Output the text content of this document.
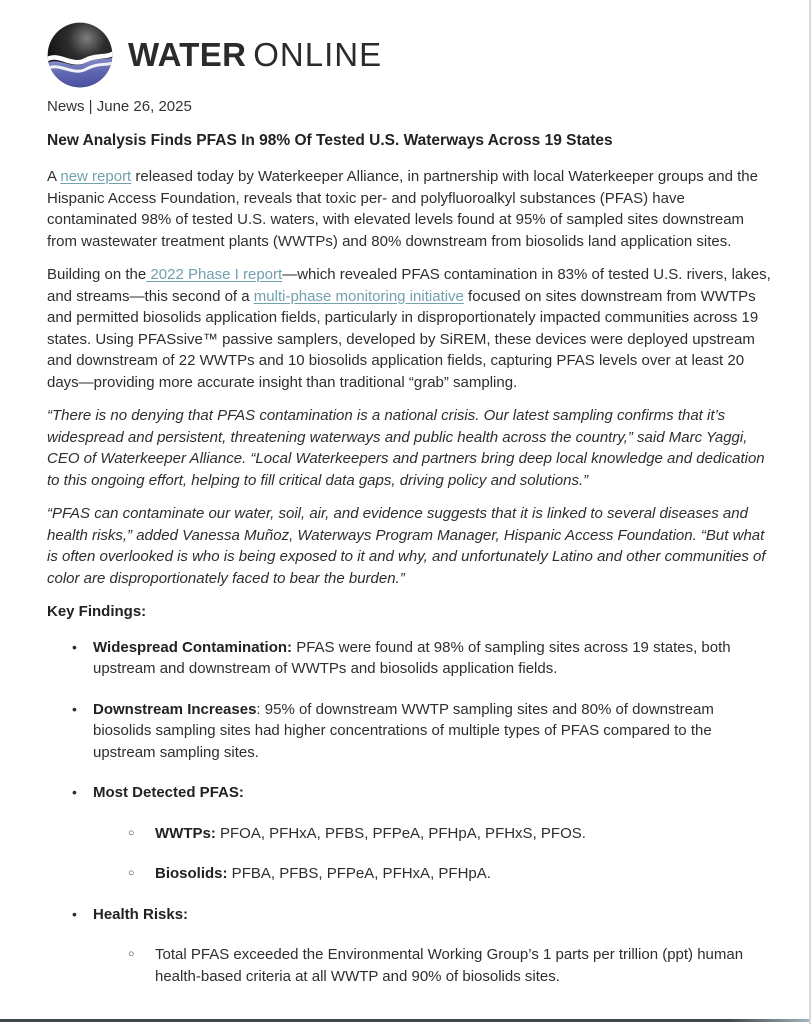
WATER ONLINE
News | June 26, 2025
New Analysis Finds PFAS In 98% Of Tested U.S. Waterways Across 19 States

A new report released today by Waterkeeper Alliance, in partnership with local Waterkeeper groups and the Hispanic Access Foundation, reveals that toxic per- and polyfluoroalkyl substances (PFAS) have contaminated 98% of tested U.S. waters, with elevated levels found at 95% of sampled sites downstream from wastewater treatment plants (WWTPs) and 80% downstream from biosolids land application sites.

Building on the 2022 Phase I report—which revealed PFAS contamination in 83% of tested U.S. rivers, lakes, and streams—this second of a multi-phase monitoring initiative focused on sites downstream from WWTPs and permitted biosolids application fields, particularly in disproportionately impacted communities across 19 states. Using PFASsive™ passive samplers, developed by SiREM, these devices were deployed upstream and downstream of 22 WWTPs and 10 biosolids application fields, capturing PFAS levels over at least 20 days—providing more accurate insight than traditional “grab” sampling.

“There is no denying that PFAS contamination is a national crisis. Our latest sampling confirms that it’s widespread and persistent, threatening waterways and public health across the country,” said Marc Yaggi, CEO of Waterkeeper Alliance. “Local Waterkeepers and partners bring deep local knowledge and dedication to this ongoing effort, helping to fill critical data gaps, driving policy and solutions.”

“PFAS can contaminate our water, soil, air, and evidence suggests that it is linked to several diseases and health risks,” added Vanessa Muñoz, Waterways Program Manager, Hispanic Access Foundation. “But what is often overlooked is who is being exposed to it and why, and unfortunately Latino and other communities of color are disproportionately faced to bear the burden.”

Key Findings:
•	Widespread Contamination: PFAS were found at 98% of sampling sites across 19 states, both upstream and downstream of WWTPs and biosolids application fields.
•	Downstream Increases: 95% of downstream WWTP sampling sites and 80% of downstream biosolids sampling sites had higher concentrations of multiple types of PFAS compared to the upstream sampling sites.
•	Most Detected PFAS:
○	WWTPs: PFOA, PFHxA, PFBS, PFPeA, PFHpA, PFHxS, PFOS.
○	Biosolids: PFBA, PFBS, PFPeA, PFHxA, PFHpA.
•	Health Risks:
○	Total PFAS exceeded the Environmental Working Group’s 1 parts per trillion (ppt) human health-based criteria at all WWTP and 90% of biosolids sites.
